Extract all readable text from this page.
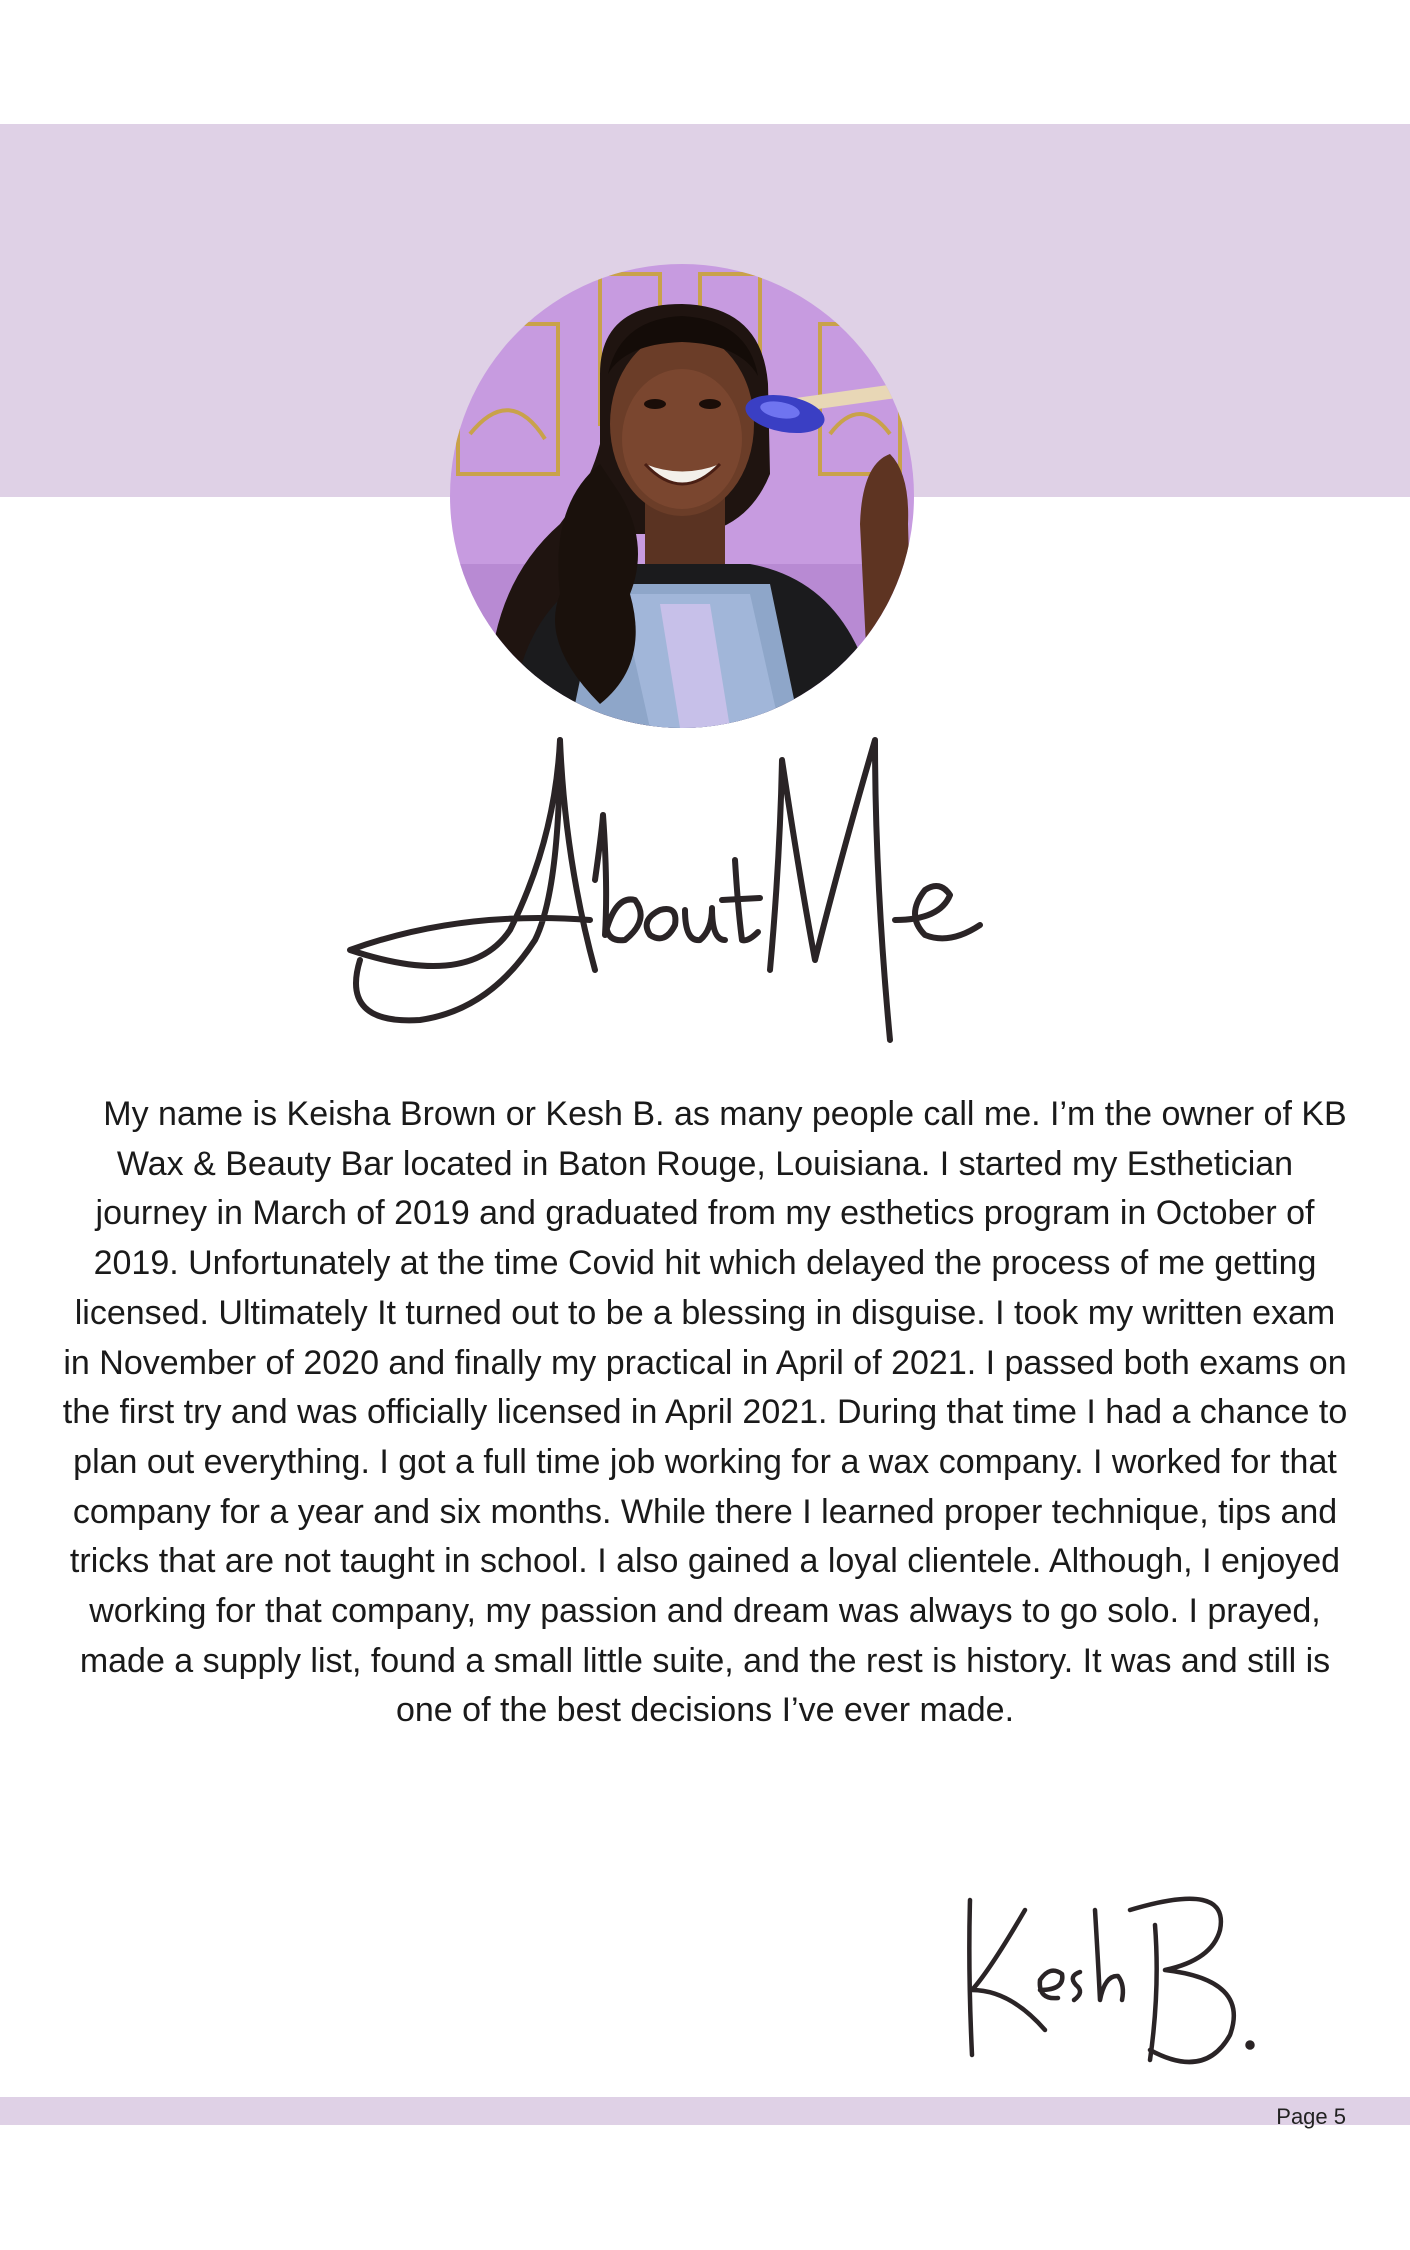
My name is Keisha Brown or Kesh B. as many people call me. I’m the owner of KB Wax & Beauty Bar located in Baton Rouge, Louisiana. I started my Esthetician journey in March of 2019 and graduated from my esthetics program in October of 2019. Unfortunately at the time Covid hit which delayed the process of me getting licensed. Ultimately It turned out to be a blessing in disguise. I took my written exam in November of 2020 and finally my practical in April of 2021. I passed both exams on the first try and was officially licensed in April 2021. During that time I had a chance to plan out everything. I got a full time job working for a wax company. I worked for that company for a year and six months. While there I learned proper technique, tips and tricks that are not taught in school. I also gained a loyal clientele. Although, I enjoyed working for that company, my passion and dream was always to go solo. I prayed, made a supply list, found a small little suite, and the rest is history. It was and still is one of the best decisions I’ve ever made.

Page 5
